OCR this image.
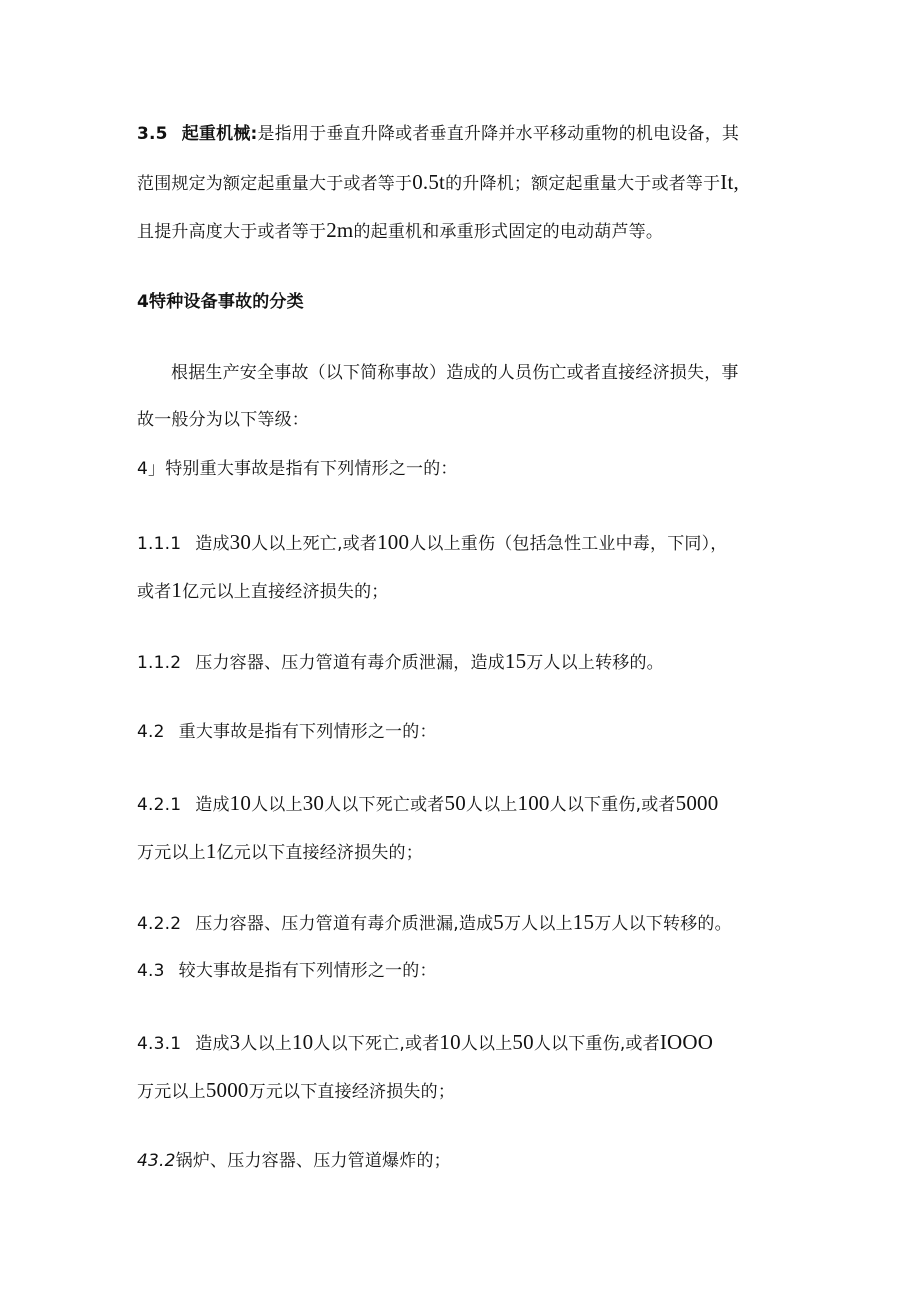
3.5 起重机械:是指用于垂直升降或者垂直升降并水平移动重物的机电设备，其
范围规定为额定起重量大于或者等于0.5t的升降机；额定起重量大于或者等于It,
且提升高度大于或者等于2m的起重机和承重形式固定的电动葫芦等。
4特种设备事故的分类
根据生产安全事故（以下简称事故）造成的人员伤亡或者直接经济损失，事
故一般分为以下等级：
4」特别重大事故是指有下列情形之一的：
1.1.1 造成30人以上死亡,或者100人以上重伤（包括急性工业中毒，下同），
或者1亿元以上直接经济损失的；
1.1.2 压力容器、压力管道有毒介质泄漏，造成15万人以上转移的。
4.2 重大事故是指有下列情形之一的：
4.2.1 造成10人以上30人以下死亡或者50人以上100人以下重伤,或者5000
万元以上1亿元以下直接经济损失的；
4.2.2 压力容器、压力管道有毒介质泄漏,造成5万人以上15万人以下转移的。
4.3 较大事故是指有下列情形之一的：
4.3.1 造成3人以上10人以下死亡,或者10人以上50人以下重伤,或者IOOO
万元以上5000万元以下直接经济损失的；
43.2锅炉、压力容器、压力管道爆炸的；
